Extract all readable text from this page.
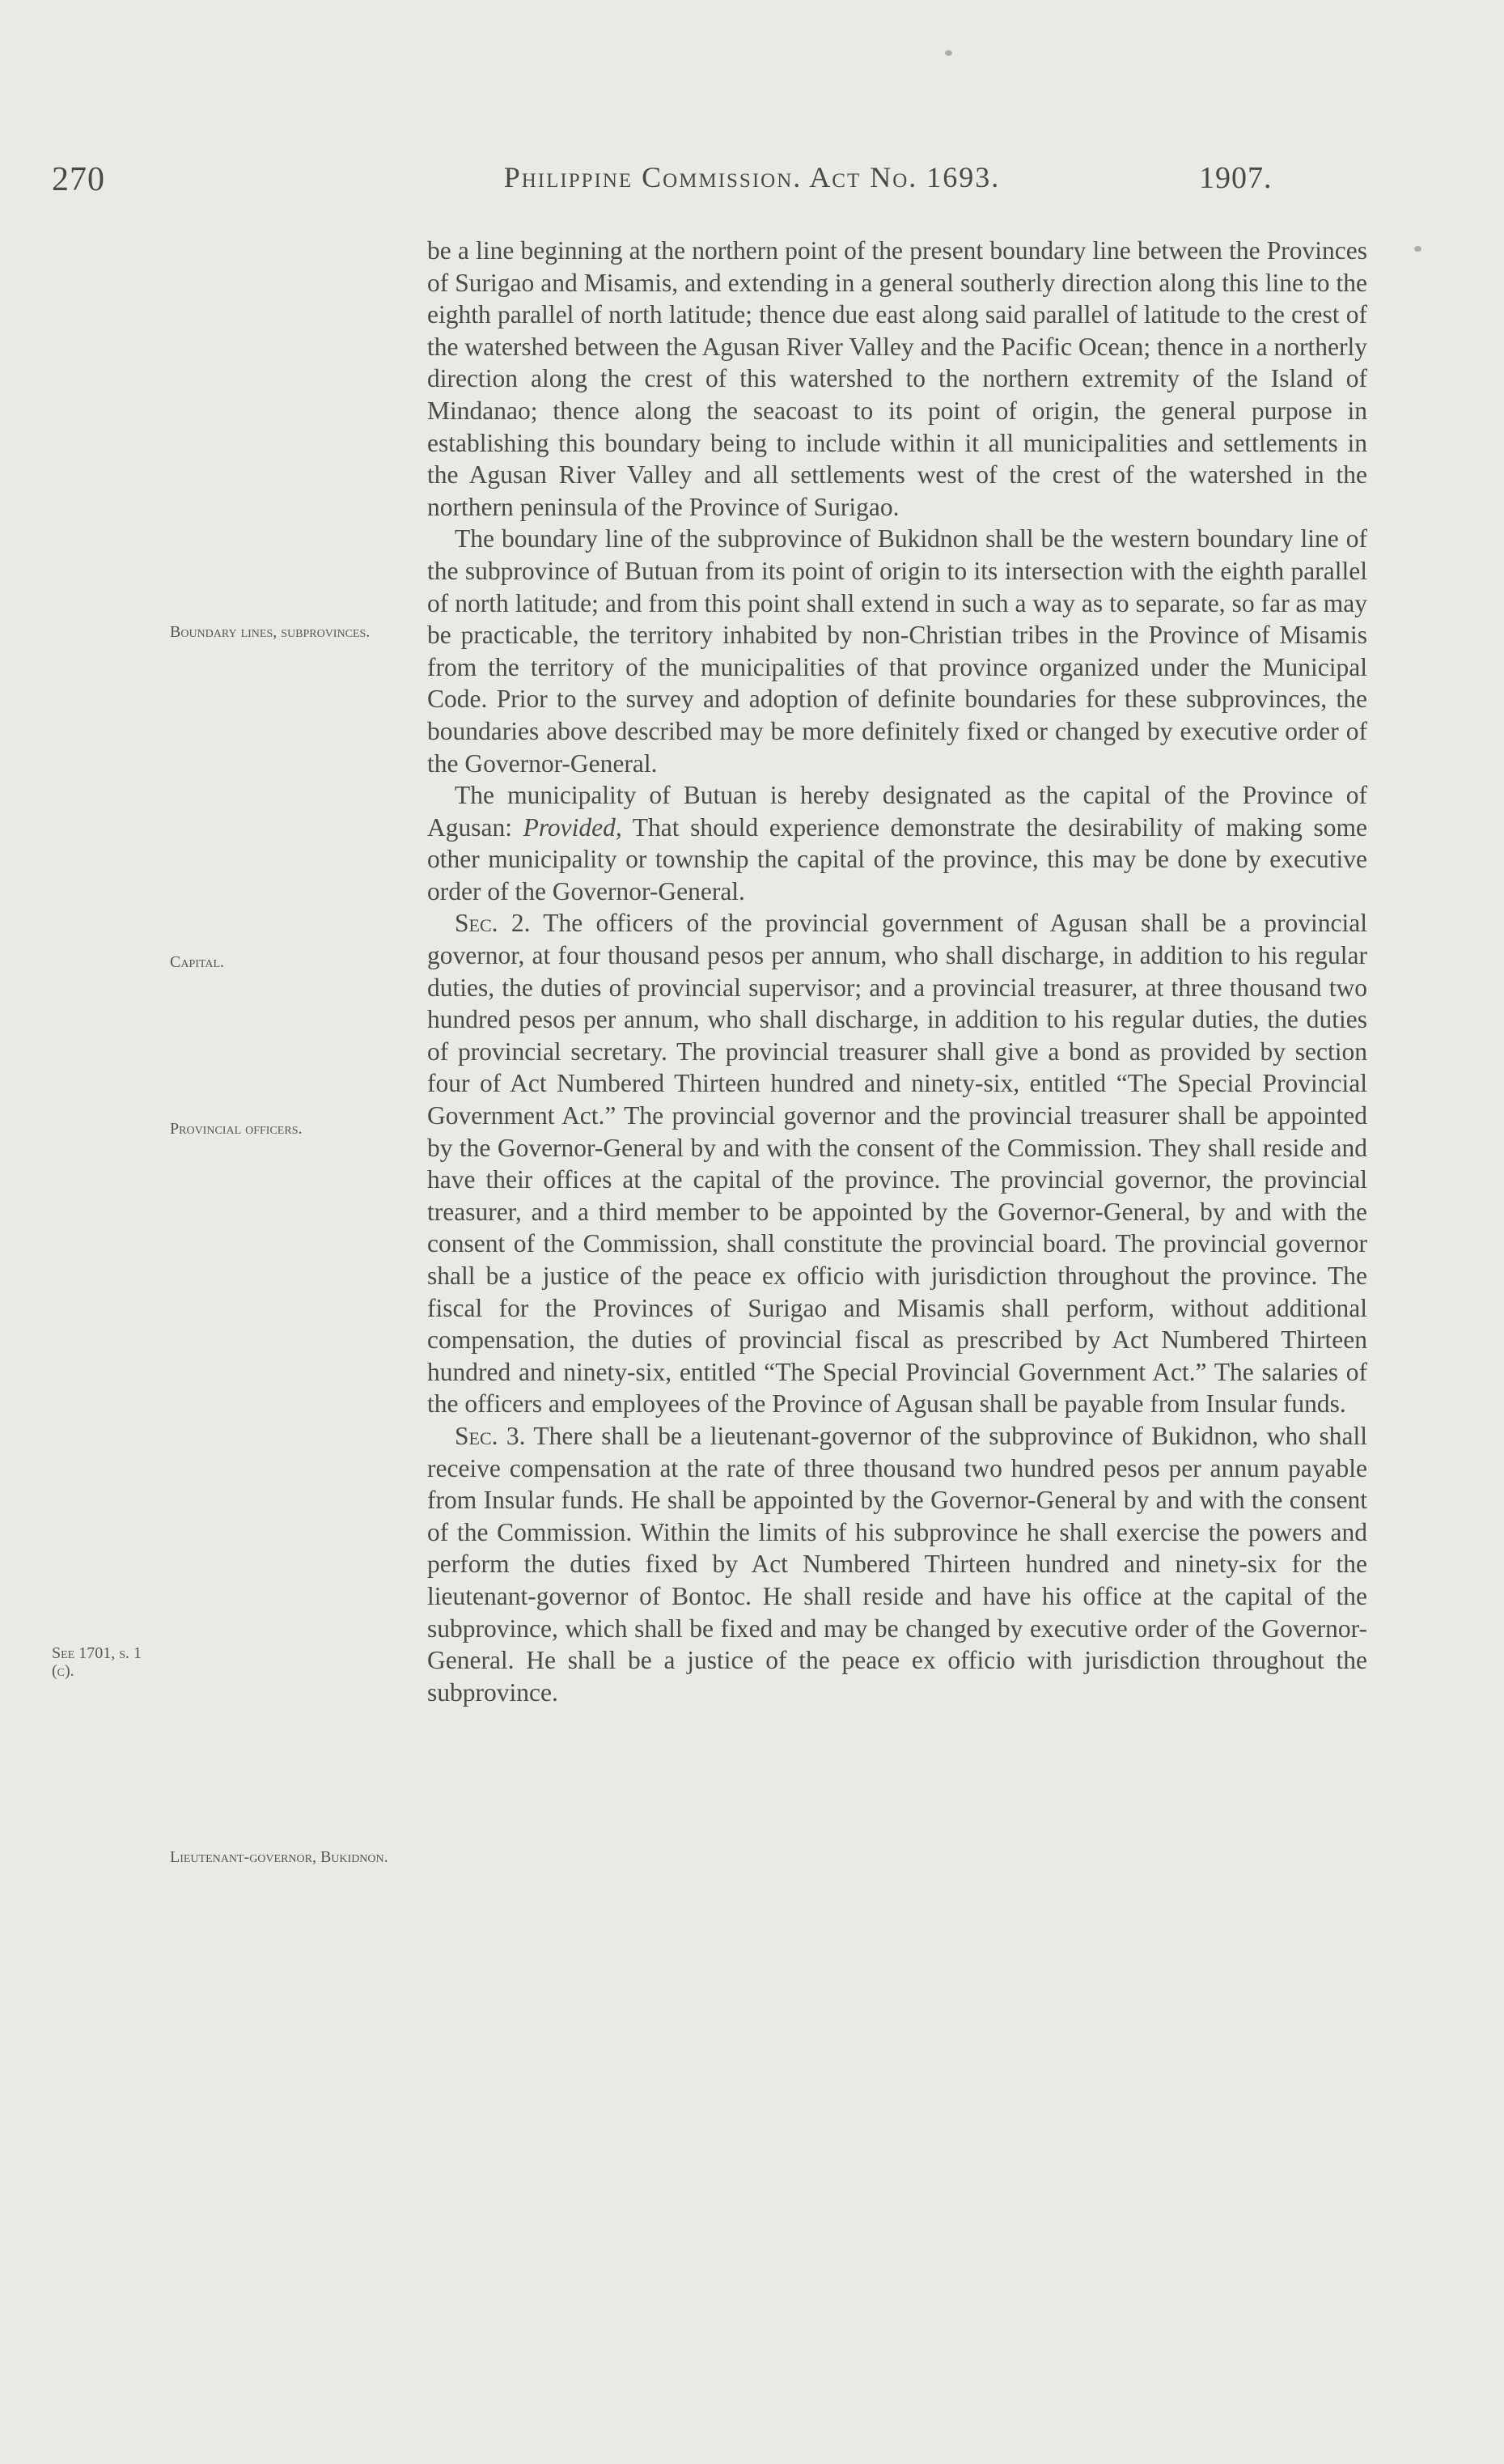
270	Philippine Commission. Act No. 1693.	1907.
Boundary lines, subprovinces.
Capital.
Provincial officers.
See 1701, s. 1 (c).
Lieutenant-governor, Bukidnon.

be a line beginning at the northern point of the present boundary line between the Provinces of Surigao and Misamis, and extending in a general southerly direction along this line to the eighth parallel of north latitude; thence due east along said parallel of latitude to the crest of the watershed between the Agusan River Valley and the Pacific Ocean; thence in a northerly direction along the crest of this watershed to the northern extremity of the Island of Mindanao; thence along the seacoast to its point of origin, the general purpose in establishing this boundary being to include within it all municipalities and settlements in the Agusan River Valley and all settlements west of the crest of the watershed in the northern peninsula of the Province of Surigao.

The boundary line of the subprovince of Bukidnon shall be the western boundary line of the subprovince of Butuan from its point of origin to its intersection with the eighth parallel of north latitude; and from this point shall extend in such a way as to separate, so far as may be practicable, the territory inhabited by non-Christian tribes in the Province of Misamis from the territory of the municipalities of that province organized under the Municipal Code. Prior to the survey and adoption of definite boundaries for these subprovinces, the boundaries above described may be more definitely fixed or changed by executive order of the Governor-General.

The municipality of Butuan is hereby designated as the capital of the Province of Agusan: Provided, That should experience demonstrate the desirability of making some other municipality or township the capital of the province, this may be done by executive order of the Governor-General.

Sec. 2. The officers of the provincial government of Agusan shall be a provincial governor, at four thousand pesos per annum, who shall discharge, in addition to his regular duties, the duties of provincial supervisor; and a provincial treasurer, at three thousand two hundred pesos per annum, who shall discharge, in addition to his regular duties, the duties of provincial secretary. The provincial treasurer shall give a bond as provided by section four of Act Numbered Thirteen hundred and ninety-six, entitled “The Special Provincial Government Act.” The provincial governor and the provincial treasurer shall be appointed by the Governor-General by and with the consent of the Commission. They shall reside and have their offices at the capital of the province. The provincial governor, the provincial treasurer, and a third member to be appointed by the Governor-General, by and with the consent of the Commission, shall constitute the provincial board. The provincial governor shall be a justice of the peace ex officio with jurisdiction throughout the province. The fiscal for the Provinces of Surigao and Misamis shall perform, without additional compensation, the duties of provincial fiscal as prescribed by Act Numbered Thirteen hundred and ninety-six, entitled “The Special Provincial Government Act.” The salaries of the officers and employees of the Province of Agusan shall be payable from Insular funds.

Sec. 3. There shall be a lieutenant-governor of the subprovince of Bukidnon, who shall receive compensation at the rate of three thousand two hundred pesos per annum payable from Insular funds. He shall be appointed by the Governor-General by and with the consent of the Commission. Within the limits of his subprovince he shall exercise the powers and perform the duties fixed by Act Numbered Thirteen hundred and ninety-six for the lieutenant-governor of Bontoc. He shall reside and have his office at the capital of the subprovince, which shall be fixed and may be changed by executive order of the Governor-General. He shall be a justice of the peace ex officio with jurisdiction throughout the subprovince.
